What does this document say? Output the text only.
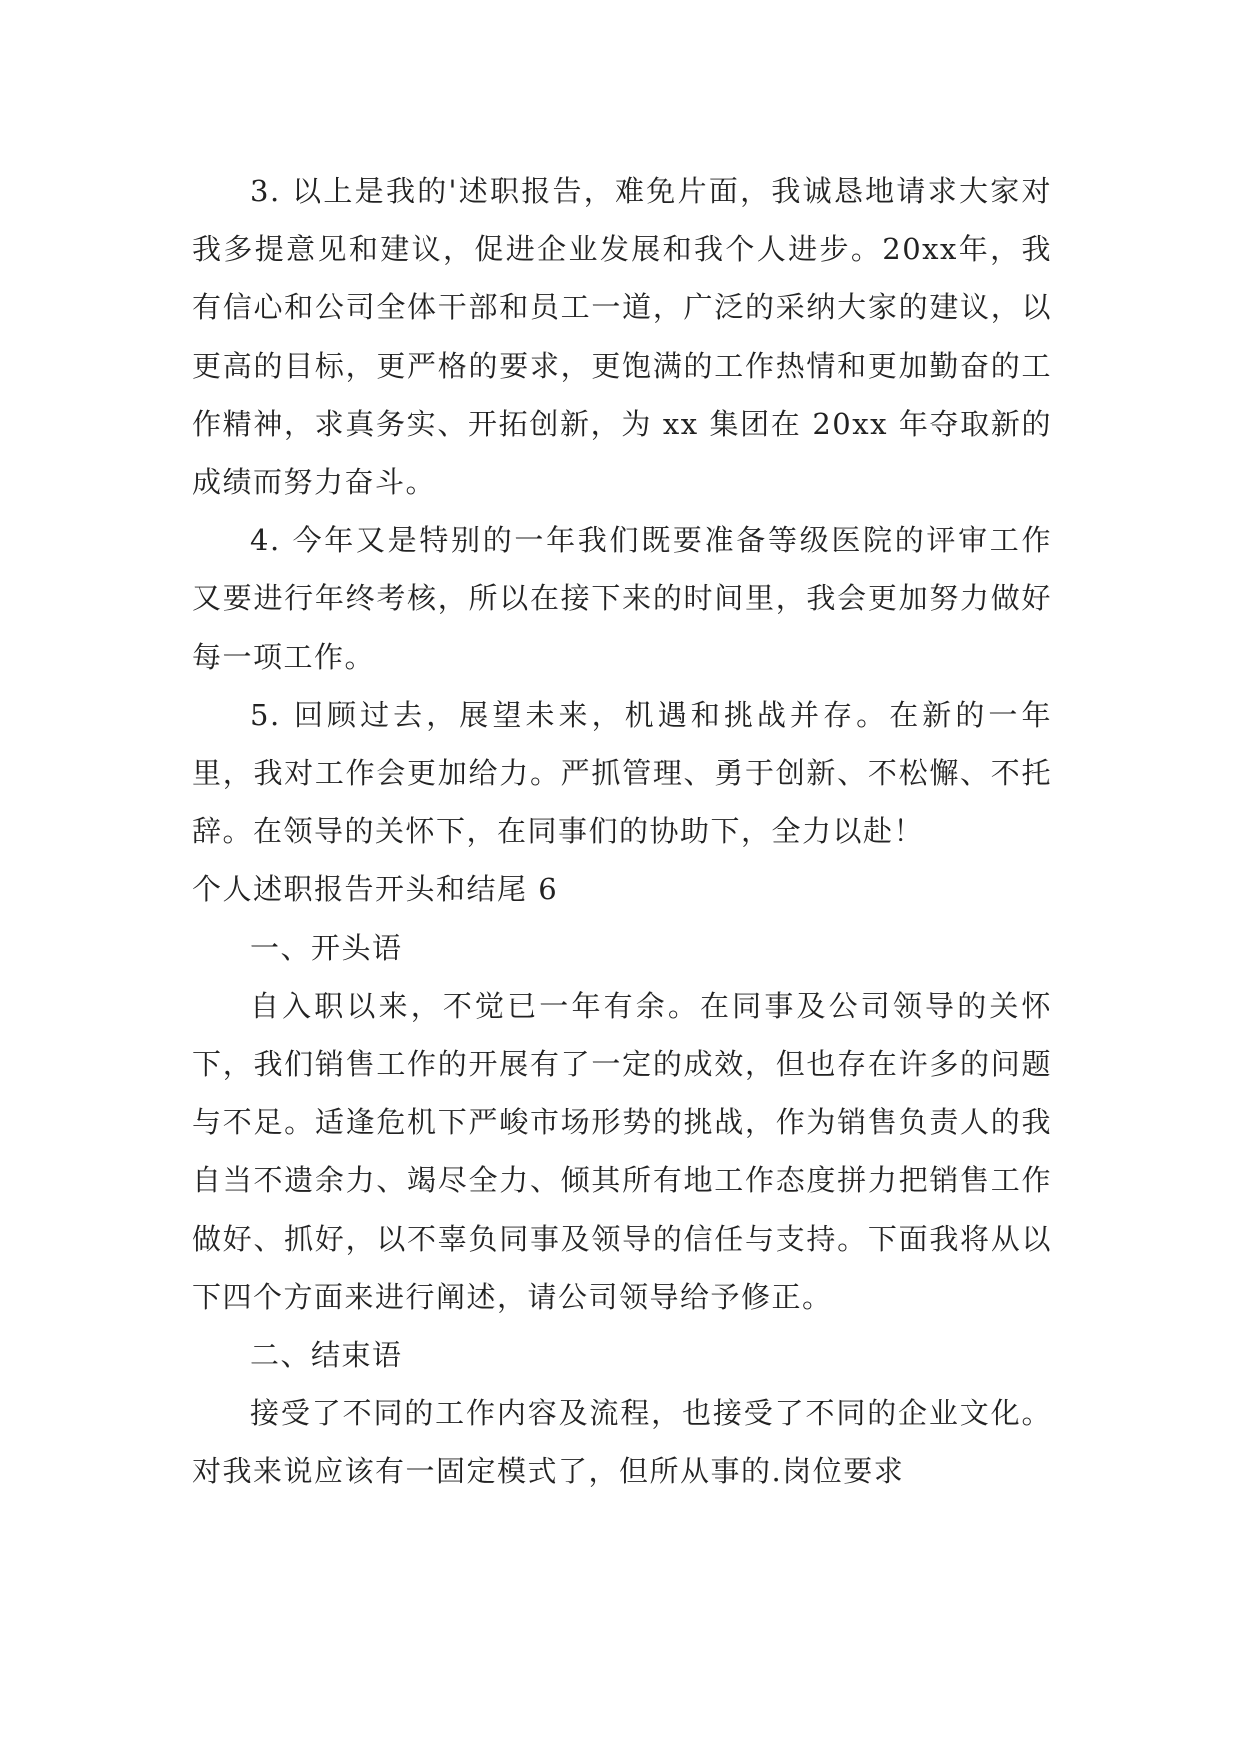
3. 以上是我的'述职报告，难免片面，我诚恳地请求大家对我多提意见和建议，促进企业发展和我个人进步。20xx年，我有信心和公司全体干部和员工一道，广泛的采纳大家的建议，以更高的目标，更严格的要求，更饱满的工作热情和更加勤奋的工作精神，求真务实、开拓创新，为 xx 集团在 20xx 年夺取新的成绩而努力奋斗。

4. 今年又是特别的一年我们既要准备等级医院的评审工作又要进行年终考核，所以在接下来的时间里，我会更加努力做好每一项工作。

5. 回顾过去，展望未来，机遇和挑战并存。在新的一年里，我对工作会更加给力。严抓管理、勇于创新、不松懈、不托辞。在领导的关怀下，在同事们的协助下，全力以赴！

个人述职报告开头和结尾 6

一、开头语

自入职以来，不觉已一年有余。在同事及公司领导的关怀下，我们销售工作的开展有了一定的成效，但也存在许多的问题与不足。适逢危机下严峻市场形势的挑战，作为销售负责人的我自当不遗余力、竭尽全力、倾其所有地工作态度拼力把销售工作做好、抓好，以不辜负同事及领导的信任与支持。下面我将从以下四个方面来进行阐述，请公司领导给予修正。

二、结束语

接受了不同的工作内容及流程，也接受了不同的企业文化。对我来说应该有一固定模式了，但所从事的.岗位要求
